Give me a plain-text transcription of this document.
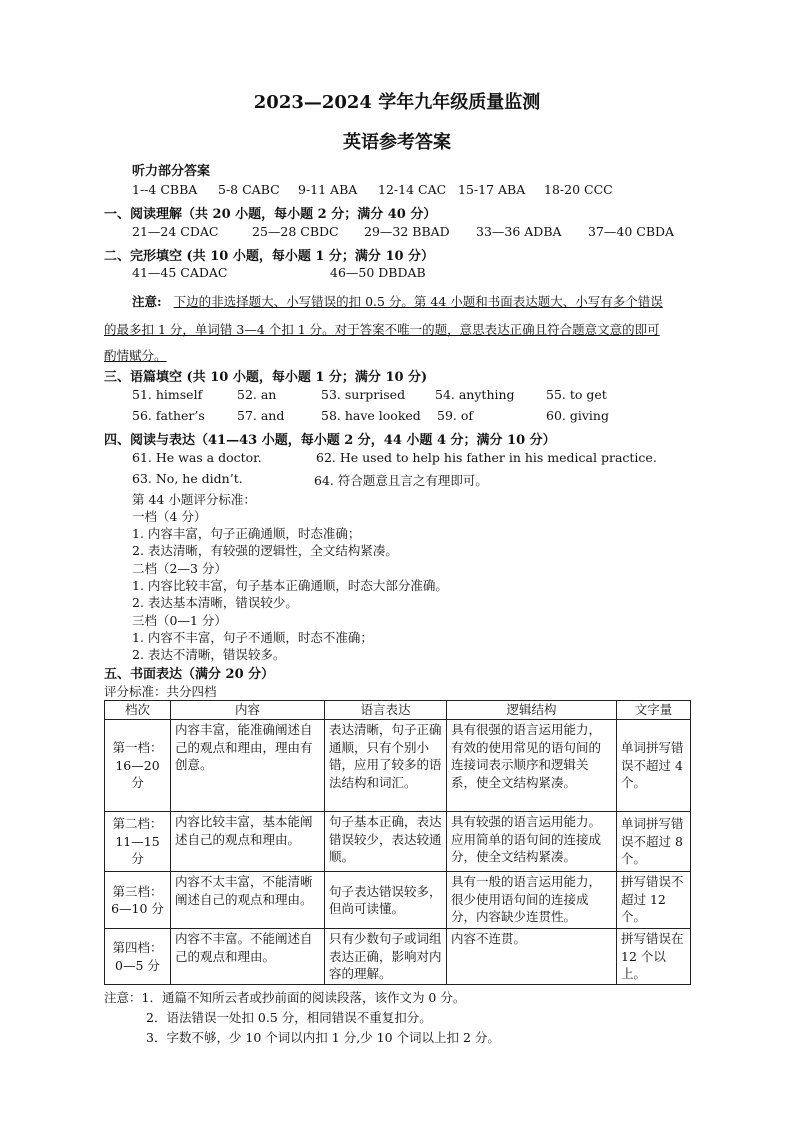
2023—2024 学年九年级质量监测
英语参考答案
听力部分答案
1--4 CBBA 5-8 CABC 9-11 ABA 12-14 CAC 15-17 ABA 18-20 CCC
一、阅读理解（共 20 小题，每小题 2 分；满分 40 分）
21—24 CDAC	25—28 CBDC 29—32 BBAD 33—36 ADBA 37—40 CBDA
二、完形填空 (共 10 小题，每小题 1 分；满分 10 分）
41—45 CADAC	46—50 DBDAB
注意: 下边的非选择题大、小写错误的扣 0.5 分。第 44 小题和书面表达题大、小写有多个错误
的最多扣 1 分，单词错 3—4 个扣 1 分。对于答案不唯一的题，意思表达正确且符合题意文意的即可
酌情赋分。
三、语篇填空 (共 10 小题，每小题 1 分；满分 10 分)
51. himself	52. an	53. surprised 54. anything	55. to get
56. father’s	57. and	58. have looked 59. of	60. giving
四、阅读与表达（41—43 小题，每小题 2 分，44 小题 4 分；满分 10 分）
61. He was a doctor.	62. He used to help his father in his medical practice.
63. No, he didn’t.	64. 符合题意且言之有理即可。
第 44 小题评分标准：
一档（4 分）
1. 内容丰富，句子正确通顺，时态准确；
2. 表达清晰，有较强的逻辑性，全文结构紧凑。
二档（2—3 分）
1. 内容比较丰富，句子基本正确通顺，时态大部分准确。
2. 表达基本清晰，错误较少。
三档（0—1 分）
1. 内容不丰富，句子不通顺，时态不准确；
2. 表达不清晰，错误较多。
五、书面表达（满分 20 分）
评分标准：共分四档
档次	内容	语言表达	逻辑结构	文字量
第一档：16—20 分	内容丰富，能准确阐述自己的观点和理由，理由有创意。	表达清晰，句子正确通顺，只有个别小错，应用了较多的语法结构和词汇。	具有很强的语言运用能力，有效的使用常见的语句间的连接词表示顺序和逻辑关系，使全文结构紧凑。	单词拼写错误不超过 4 个。
第二档：11—15 分	内容比较丰富，基本能阐述自己的观点和理由。	句子基本正确，表达错误较少，表达较通顺。	具有较强的语言运用能力。应用简单的语句间的连接成分，使全文结构紧凑。	单词拼写错误不超过 8 个。
第三档：6—10 分	内容不太丰富，不能清晰阐述自己的观点和理由。	句子表达错误较多，但尚可读懂。	具有一般的语言运用能力，很少使用语句间的连接成分，内容缺少连贯性。	拼写错误不超过 12 个。
第四档：0—5 分	内容不丰富。不能阐述自己的观点和理由。	只有少数句子或词组表达正确，影响对内容的理解。	内容不连贯。	拼写错误在 12 个以上。
注意：1．通篇不知所云者或抄前面的阅读段落，该作文为 0 分。
2．语法错误一处扣 0.5 分，相同错误不重复扣分。
3．字数不够，少 10 个词以内扣 1 分,少 10 个词以上扣 2 分。
